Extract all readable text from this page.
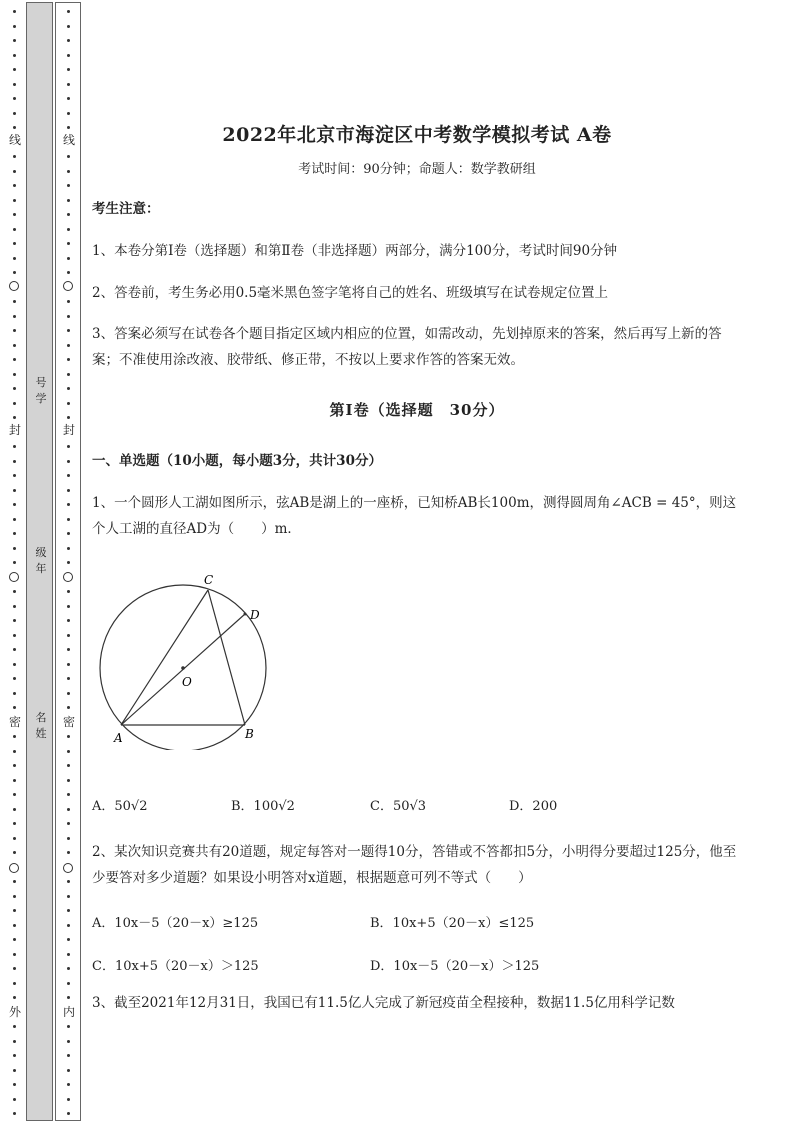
线
封
密
外
线
封
密
内
号学
级年
名姓
2022年北京市海淀区中考数学模拟考试 A卷
考试时间：90分钟；命题人：数学教研组
考生注意：
1、本卷分第I卷（选择题）和第Ⅱ卷（非选择题）两部分，满分100分，考试时间90分钟
2、答卷前，考生务必用0.5毫米黑色签字笔将自己的姓名、班级填写在试卷规定位置上
3、答案必须写在试卷各个题目指定区域内相应的位置，如需改动，先划掉原来的答案，然后再写上新的答案；不准使用涂改液、胶带纸、修正带，不按以上要求作答的答案无效。
第I卷（选择题　30分）
一、单选题（10小题，每小题3分，共计30分）
1、一个圆形人工湖如图所示，弦AB是湖上的一座桥，已知桥AB长100m，测得圆周角∠ACB = 45°，则这个人工湖的直径AD为（　　）m．
C
D
O
A	B
A．50√2	B．100√2	C．50√3	D．200
2、某次知识竞赛共有20道题，规定每答对一题得10分，答错或不答都扣5分，小明得分要超过125分，他至少要答对多少道题？如果设小明答对x道题，根据题意可列不等式（　　）
A．10x－5（20－x）≥125	B．10x+5（20－x）≤125
C．10x+5（20－x）＞125	D．10x－5（20－x）＞125
3、截至2021年12月31日，我国已有11.5亿人完成了新冠疫苗全程接种，数据11.5亿用科学记数
